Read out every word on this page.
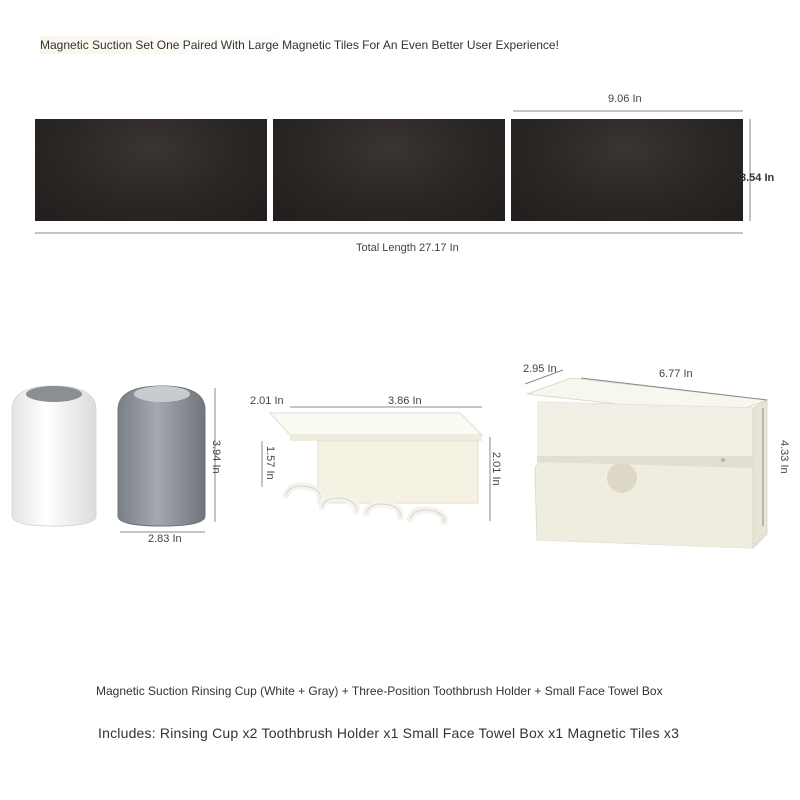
Magnetic Suction Set One Paired With Large Magnetic Tiles For An Even Better User Experience!
9.06 In
3.54 In
Total Length 27.17 In
3.94 In
2.83 In
2.01 In	3.86 In
1.57 In	2.01 In
2.95 In	6.77 In
4.33 In
Magnetic Suction Rinsing Cup (White + Gray) + Three-Position Toothbrush Holder + Small Face Towel Box
Includes: Rinsing Cup x2 Toothbrush Holder x1 Small Face Towel Box x1 Magnetic Tiles x3
